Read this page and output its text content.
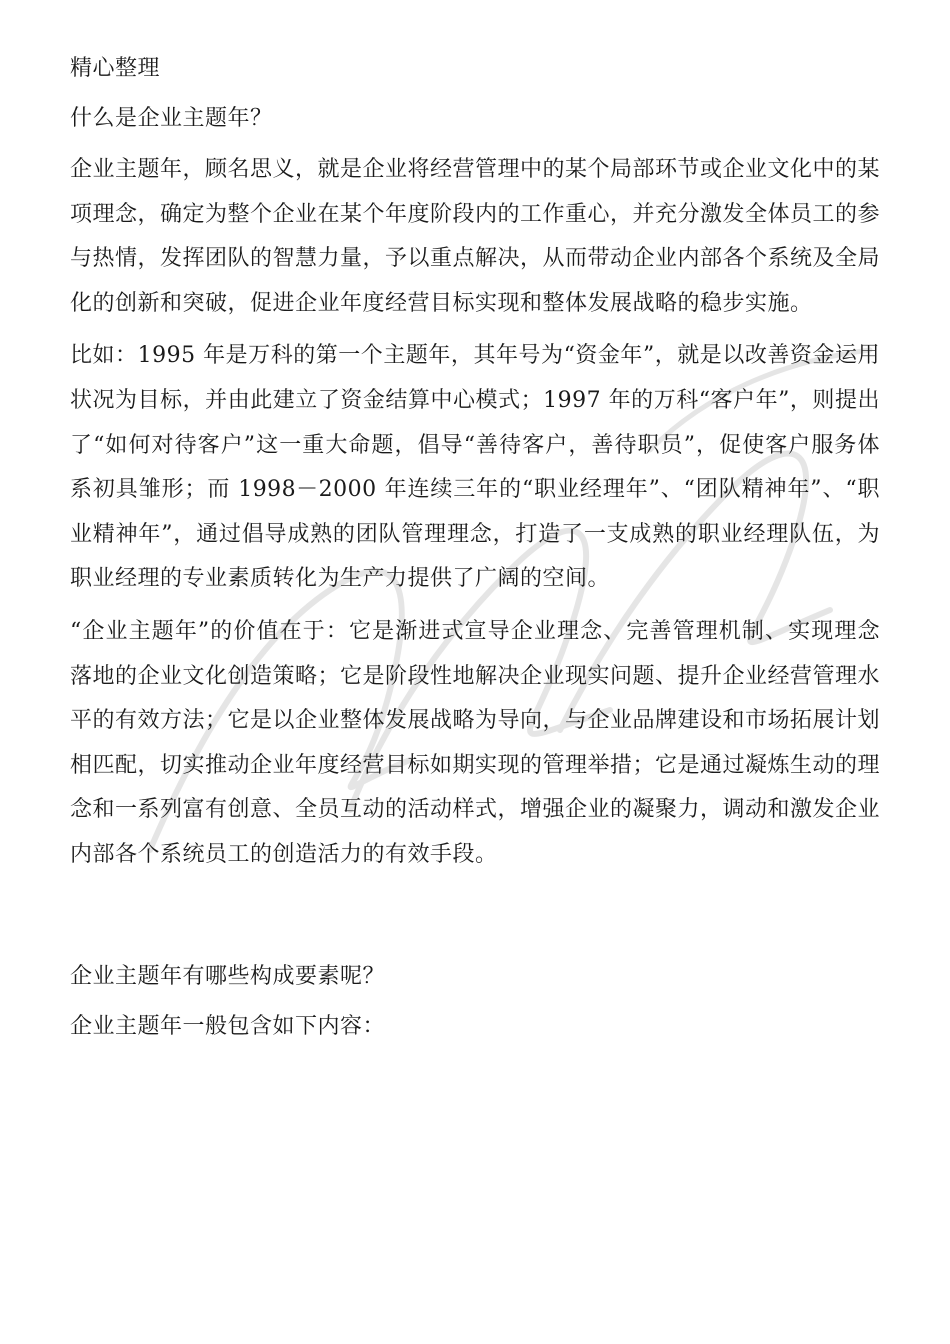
精心整理

什么是企业主题年？

企业主题年，顾名思义，就是企业将经营管理中的某个局部环节或企业文化中的某项理念，确定为整个企业在某个年度阶段内的工作重心，并充分激发全体员工的参与热情，发挥团队的智慧力量，予以重点解决，从而带动企业内部各个系统及全局化的创新和突破，促进企业年度经营目标实现和整体发展战略的稳步实施。

比如：1995 年是万科的第一个主题年，其年号为“资金年”，就是以改善资金运用状况为目标，并由此建立了资金结算中心模式；1997 年的万科“客户年”，则提出了“如何对待客户”这一重大命题，倡导“善待客户，善待职员”，促使客户服务体系初具雏形；而 1998－2000 年连续三年的“职业经理年”、“团队精神年”、“职业精神年”，通过倡导成熟的团队管理理念，打造了一支成熟的职业经理队伍，为职业经理的专业素质转化为生产力提供了广阔的空间。

“企业主题年”的价值在于：它是渐进式宣导企业理念、完善管理机制、实现理念落地的企业文化创造策略；它是阶段性地解决企业现实问题、提升企业经营管理水平的有效方法；它是以企业整体发展战略为导向，与企业品牌建设和市场拓展计划相匹配，切实推动企业年度经营目标如期实现的管理举措；它是通过凝炼生动的理念和一系列富有创意、全员互动的活动样式，增强企业的凝聚力，调动和激发企业内部各个系统员工的创造活力的有效手段。

企业主题年有哪些构成要素呢？

企业主题年一般包含如下内容：
